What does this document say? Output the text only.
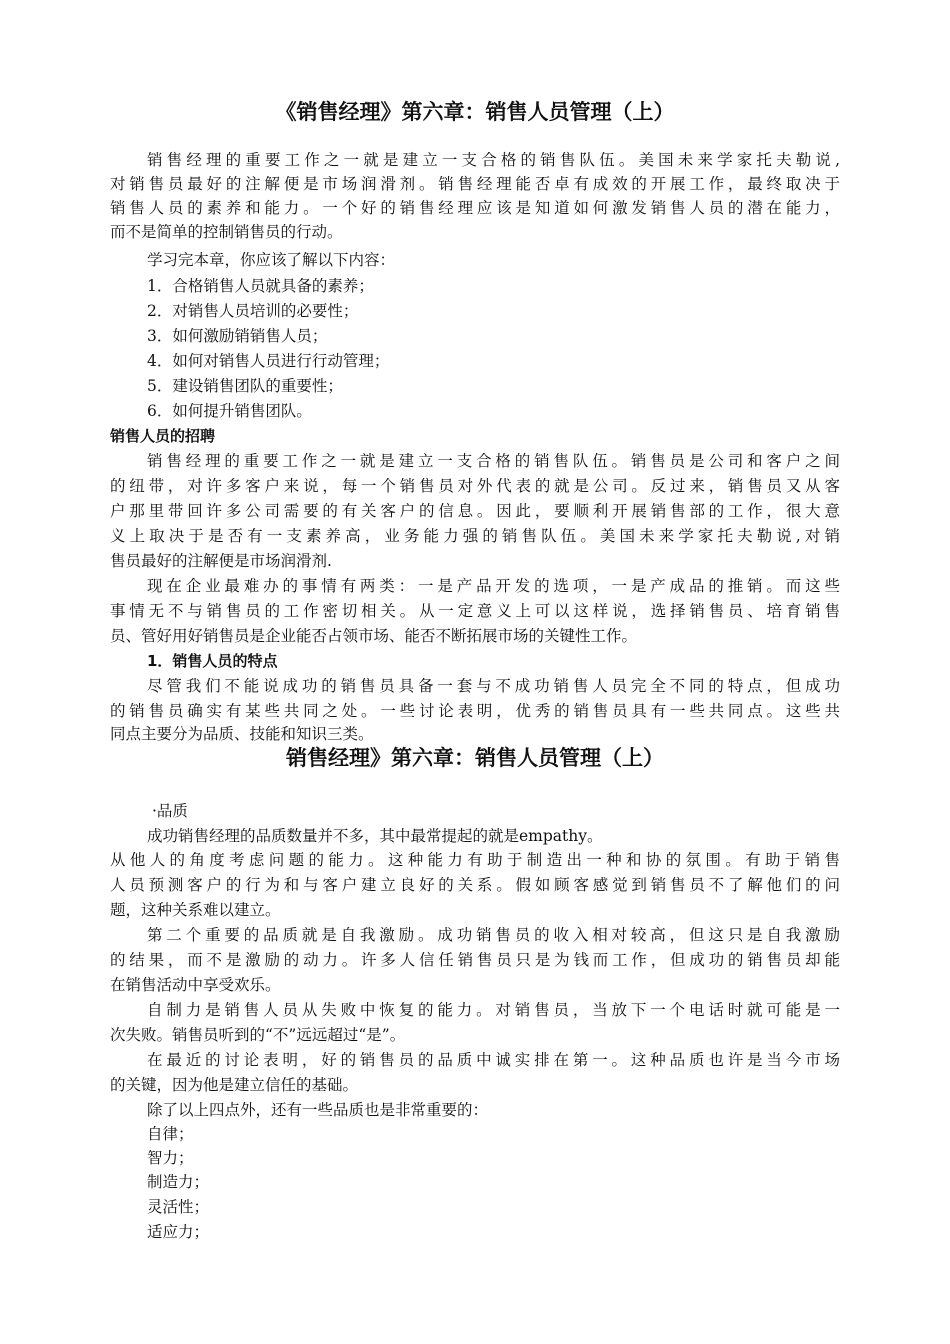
《销售经理》第六章：销售人员管理（上）

销售经理的重要工作之一就是建立一支合格的销售队伍。美国未来学家托夫勒说,

对销售员最好的注解便是市场润滑剂。销售经理能否卓有成效的开展工作，最终取决于

销售人员的素养和能力。一个好的销售经理应该是知道如何激发销售人员的潜在能力，

而不是简单的控制销售员的行动。

学习完本章，你应该了解以下内容：

1．合格销售人员就具备的素养；

2．对销售人员培训的必要性；

3．如何激励销销售人员；

4．如何对销售人员进行行动管理；

5．建设销售团队的重要性；

6．如何提升销售团队。

销售人员的招聘

销售经理的重要工作之一就是建立一支合格的销售队伍。销售员是公司和客户之间

的纽带，对许多客户来说，每一个销售员对外代表的就是公司。反过来，销售员又从客

户那里带回许多公司需要的有关客户的信息。因此，要顺利开展销售部的工作，很大意

义上取决于是否有一支素养高，业务能力强的销售队伍。美国未来学家托夫勒说,对销

售员最好的注解便是市场润滑剂.

现在企业最难办的事情有两类：一是产品开发的选项，一是产成品的推销。而这些

事情无不与销售员的工作密切相关。从一定意义上可以这样说，选择销售员、培育销售

员、管好用好销售员是企业能否占领市场、能否不断拓展市场的关键性工作。

1．销售人员的特点

尽管我们不能说成功的销售员具备一套与不成功销售人员完全不同的特点，但成功

的销售员确实有某些共同之处。一些讨论表明，优秀的销售员具有一些共同点。这些共

同点主要分为品质、技能和知识三类。

销售经理》第六章：销售人员管理（上）

·品质

成功销售经理的品质数量并不多，其中最常提起的就是empathy。

从他人的角度考虑问题的能力。这种能力有助于制造出一种和协的氛围。有助于销售

人员预测客户的行为和与客户建立良好的关系。假如顾客感觉到销售员不了解他们的问

题，这种关系难以建立。

第二个重要的品质就是自我激励。成功销售员的收入相对较高，但这只是自我激励

的结果，而不是激励的动力。许多人信任销售员只是为钱而工作，但成功的销售员却能

在销售活动中享受欢乐。

自制力是销售人员从失败中恢复的能力。对销售员，当放下一个电话时就可能是一

次失败。销售员听到的“不”远远超过“是”。

在最近的讨论表明，好的销售员的品质中诚实排在第一。这种品质也许是当今市场

的关键，因为他是建立信任的基础。

除了以上四点外，还有一些品质也是非常重要的：

自律；

智力；

制造力；

灵活性；

适应力；
